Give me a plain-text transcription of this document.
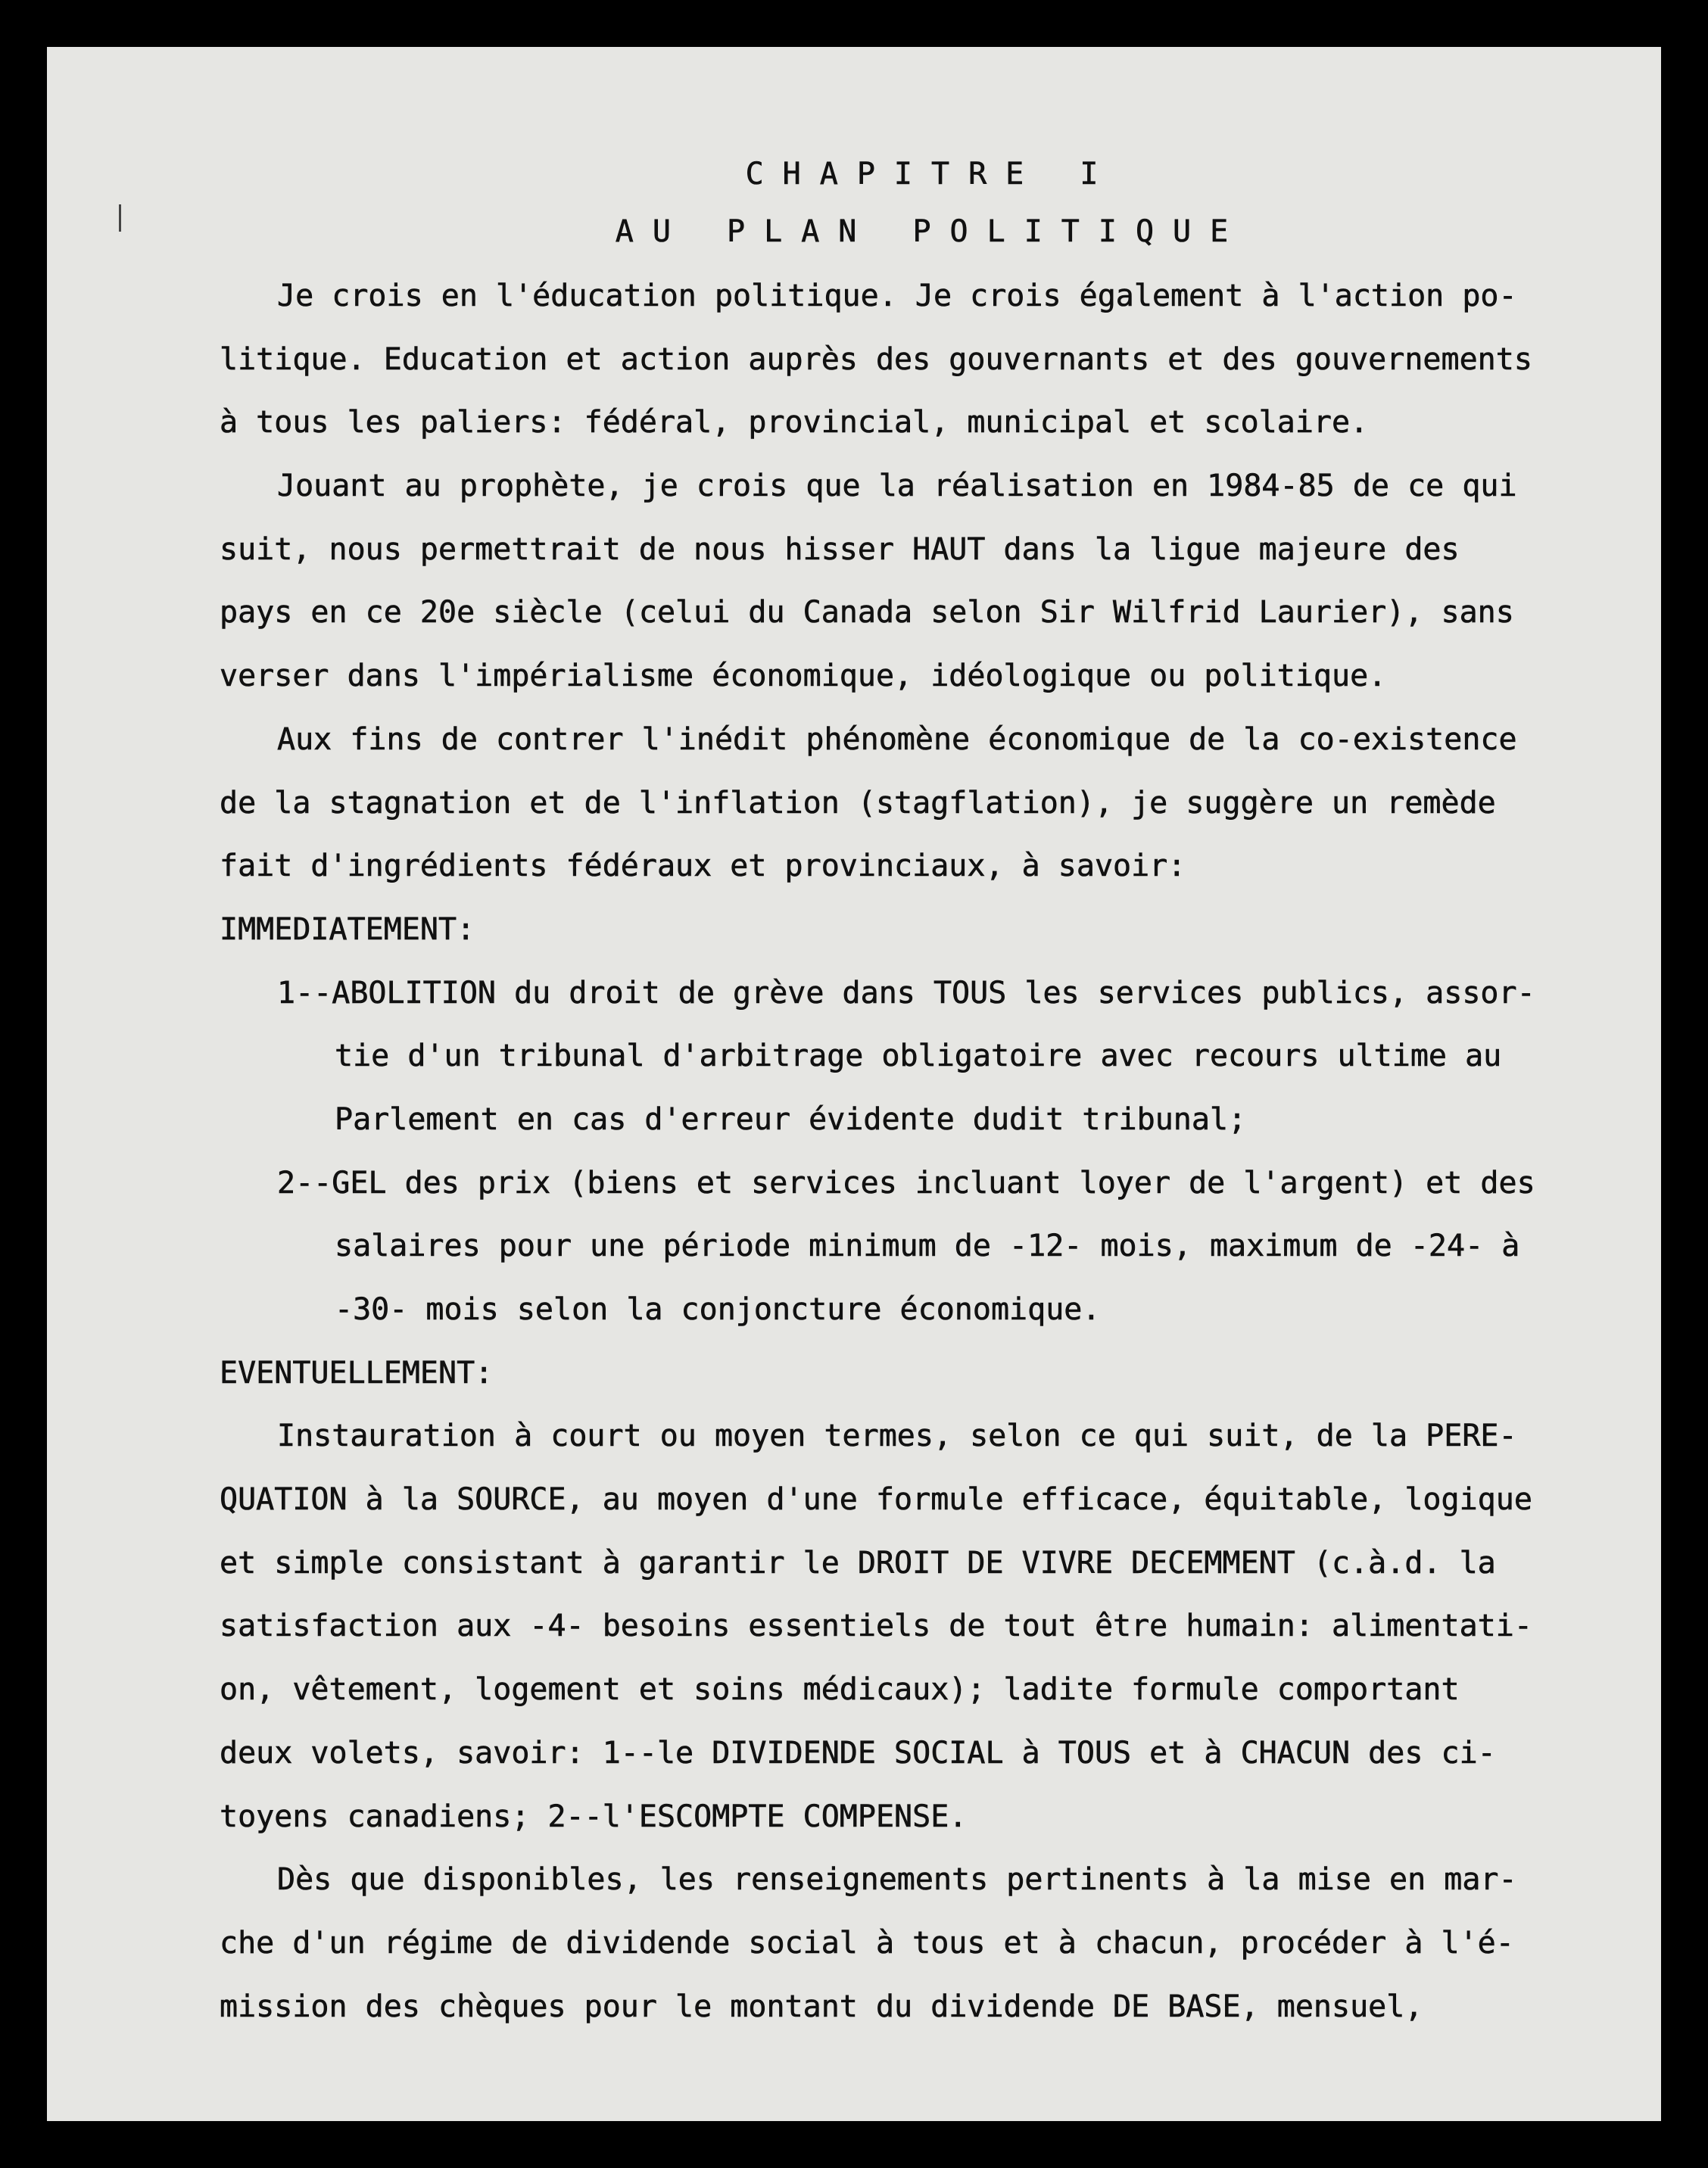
CHAPITRE I
AU PLAN POLITIQUE
Je crois en l'éducation politique. Je crois également à l'action po-
litique. Education et action auprès des gouvernants et des gouvernements
à tous les paliers: fédéral, provincial, municipal et scolaire.
Jouant au prophète, je crois que la réalisation en 1984-85 de ce qui
suit, nous permettrait de nous hisser HAUT dans la ligue majeure des
pays en ce 20e siècle (celui du Canada selon Sir Wilfrid Laurier), sans
verser dans l'impérialisme économique, idéologique ou politique.
Aux fins de contrer l'inédit phénomène économique de la co-existence
de la stagnation et de l'inflation (stagflation), je suggère un remède
fait d'ingrédients fédéraux et provinciaux, à savoir:
IMMEDIATEMENT:
1--ABOLITION du droit de grève dans TOUS les services publics, assor-
tie d'un tribunal d'arbitrage obligatoire avec recours ultime au
Parlement en cas d'erreur évidente dudit tribunal;
2--GEL des prix (biens et services incluant loyer de l'argent) et des
salaires pour une période minimum de -12- mois, maximum de -24- à
-30- mois selon la conjoncture économique.
EVENTUELLEMENT:
Instauration à court ou moyen termes, selon ce qui suit, de la PERE-
QUATION à la SOURCE, au moyen d'une formule efficace, équitable, logique
et simple consistant à garantir le DROIT DE VIVRE DECEMMENT (c.à.d. la
satisfaction aux -4- besoins essentiels de tout être humain: alimentati-
on, vêtement, logement et soins médicaux); ladite formule comportant
deux volets, savoir: 1--le DIVIDENDE SOCIAL à TOUS et à CHACUN des ci-
toyens canadiens; 2--l'ESCOMPTE COMPENSE.
Dès que disponibles, les renseignements pertinents à la mise en mar-
che d'un régime de dividende social à tous et à chacun, procéder à l'é-
mission des chèques pour le montant du dividende DE BASE, mensuel,
